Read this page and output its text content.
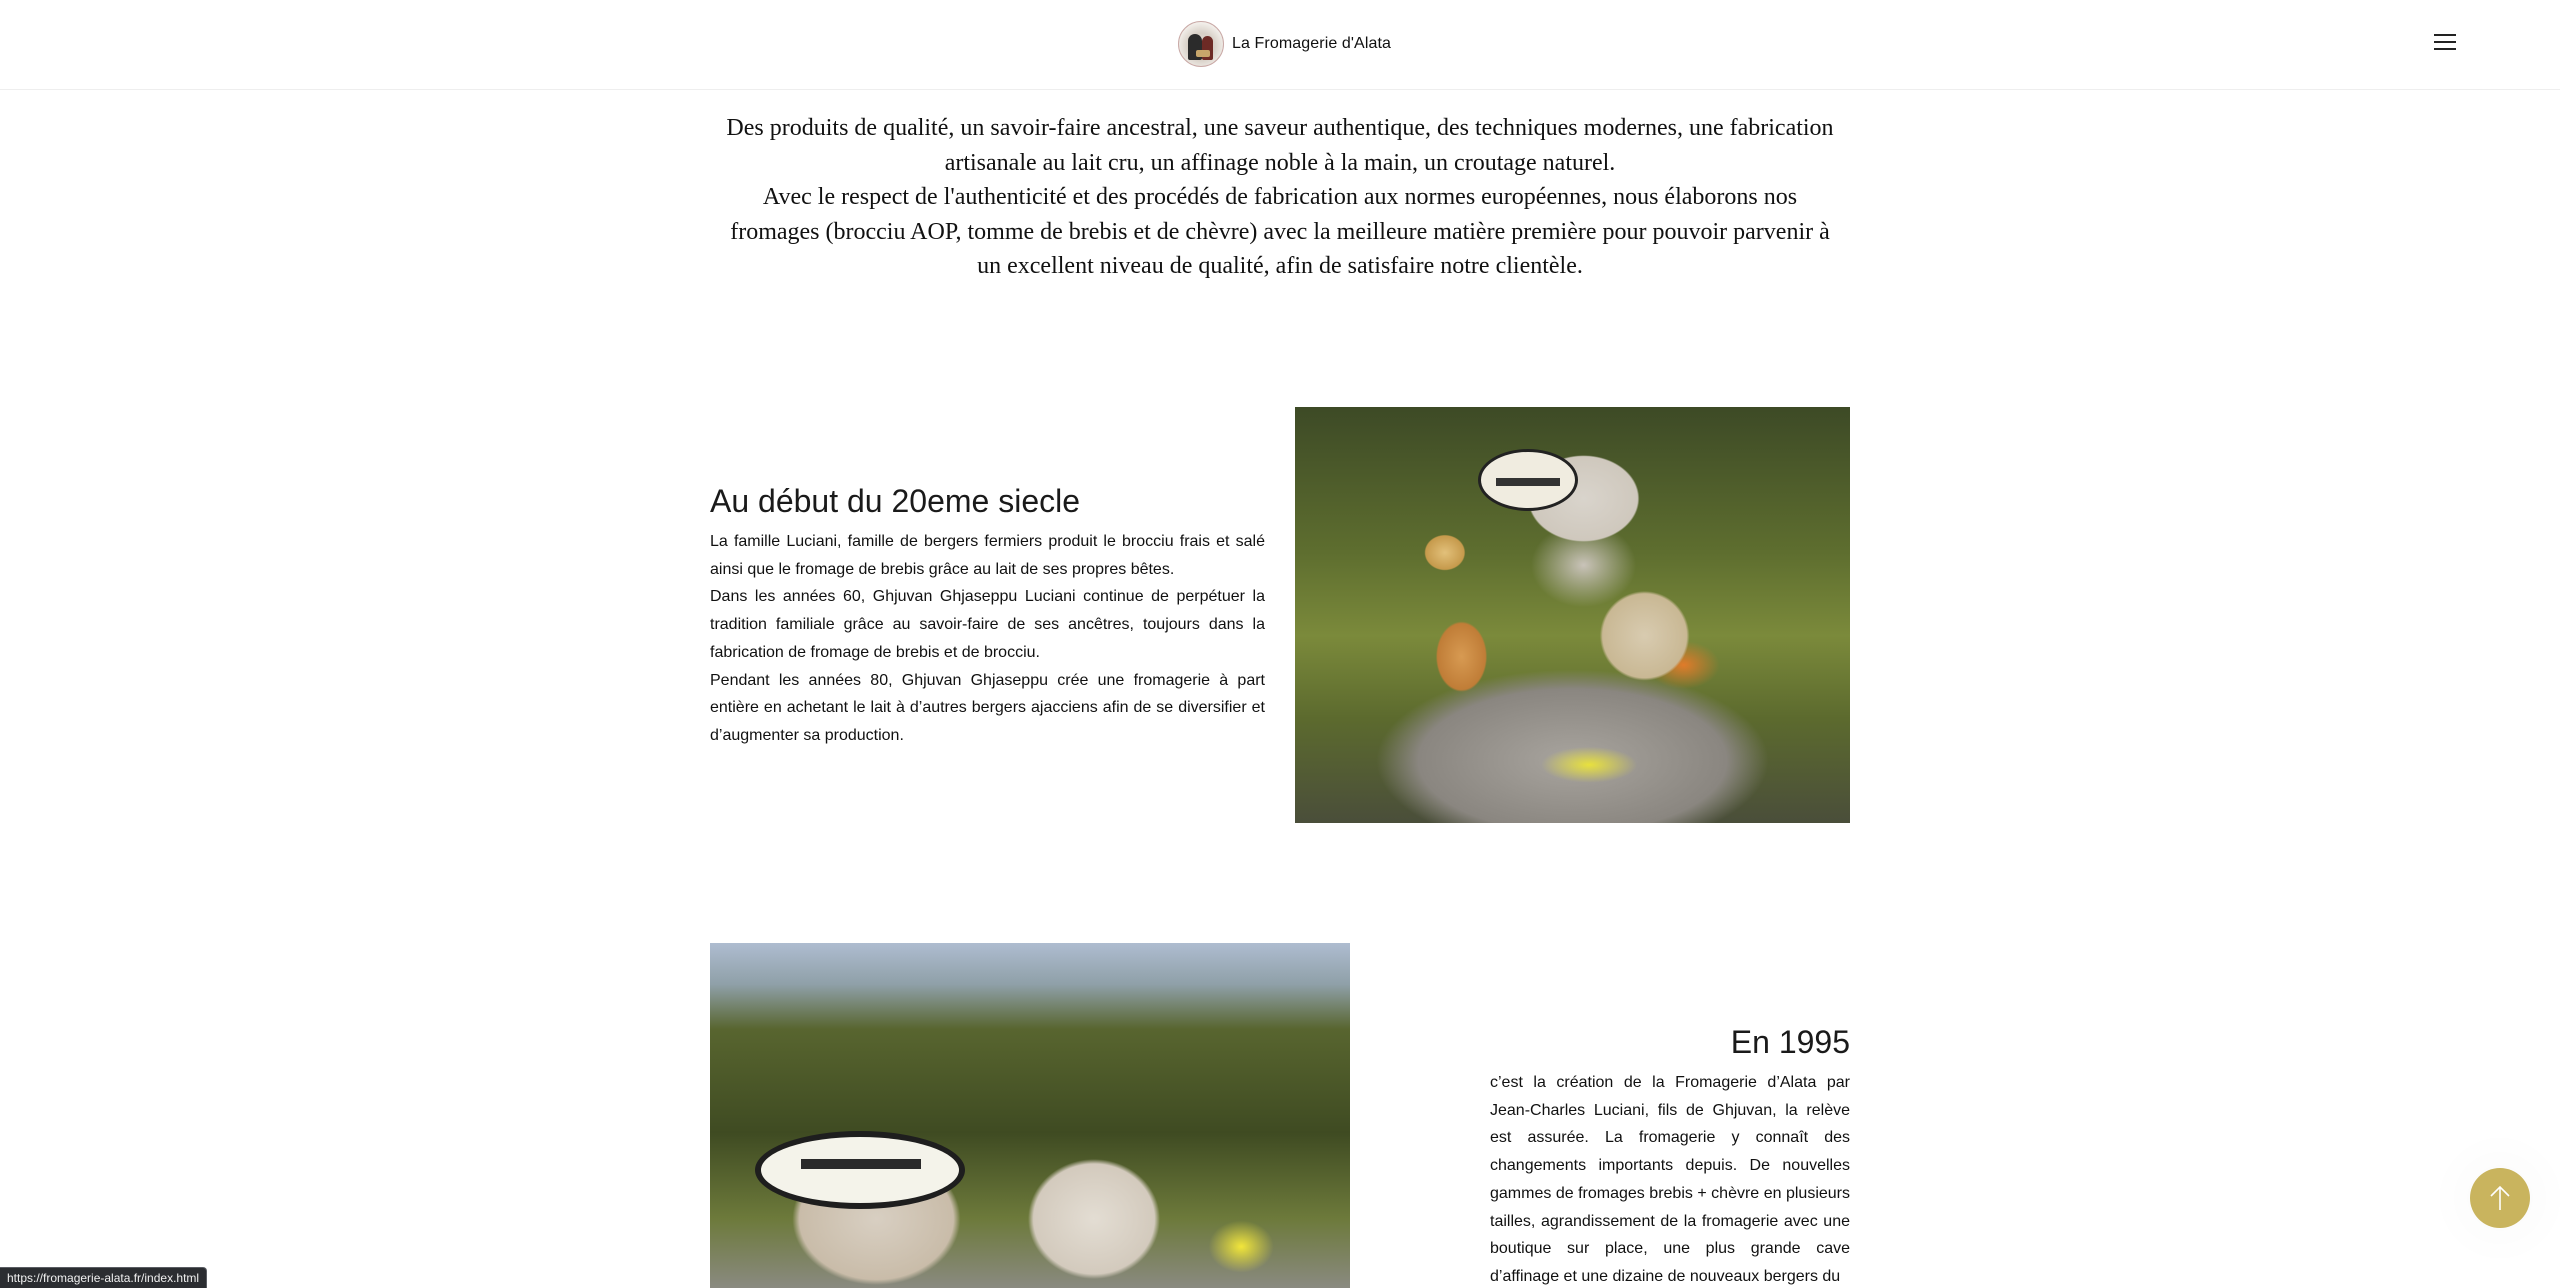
La Fromagerie d'Alata

Des produits de qualité, un savoir-faire ancestral, une saveur authentique, des techniques modernes, une fabrication artisanale au lait cru, un affinage noble à la main, un croutage naturel.

Avec le respect de l'authenticité et des procédés de fabrication aux normes européennes, nous élaborons nos fromages (brocciu AOP, tomme de brebis et de chèvre) avec la meilleure matière première pour pouvoir parvenir à un excellent niveau de qualité, afin de satisfaire notre clientèle.

Au début du 20eme siecle

La famille Luciani, famille de bergers fermiers produit le brocciu frais et salé ainsi que le fromage de brebis grâce au lait de ses propres bêtes.

Dans les années 60, Ghjuvan Ghjaseppu Luciani continue de perpétuer la tradition familiale grâce au savoir-faire de ses ancêtres, toujours dans la fabrication de fromage de brebis et de brocciu.

Pendant les années 80, Ghjuvan Ghjaseppu crée une fromagerie à part entière en achetant le lait à d’autres bergers ajacciens afin de se diversifier et d’augmenter sa production.

En 1995

c’est la création de la Fromagerie d’Alata par Jean-Charles Luciani, fils de Ghjuvan, la relève est assurée. La fromagerie y connaît des changements importants depuis. De nouvelles gammes de fromages brebis + chèvre en plusieurs tailles, agrandissement de la fromagerie avec une boutique sur place, une plus grande cave d’affinage et une dizaine de nouveaux bergers du

https://fromagerie-alata.fr/index.html
